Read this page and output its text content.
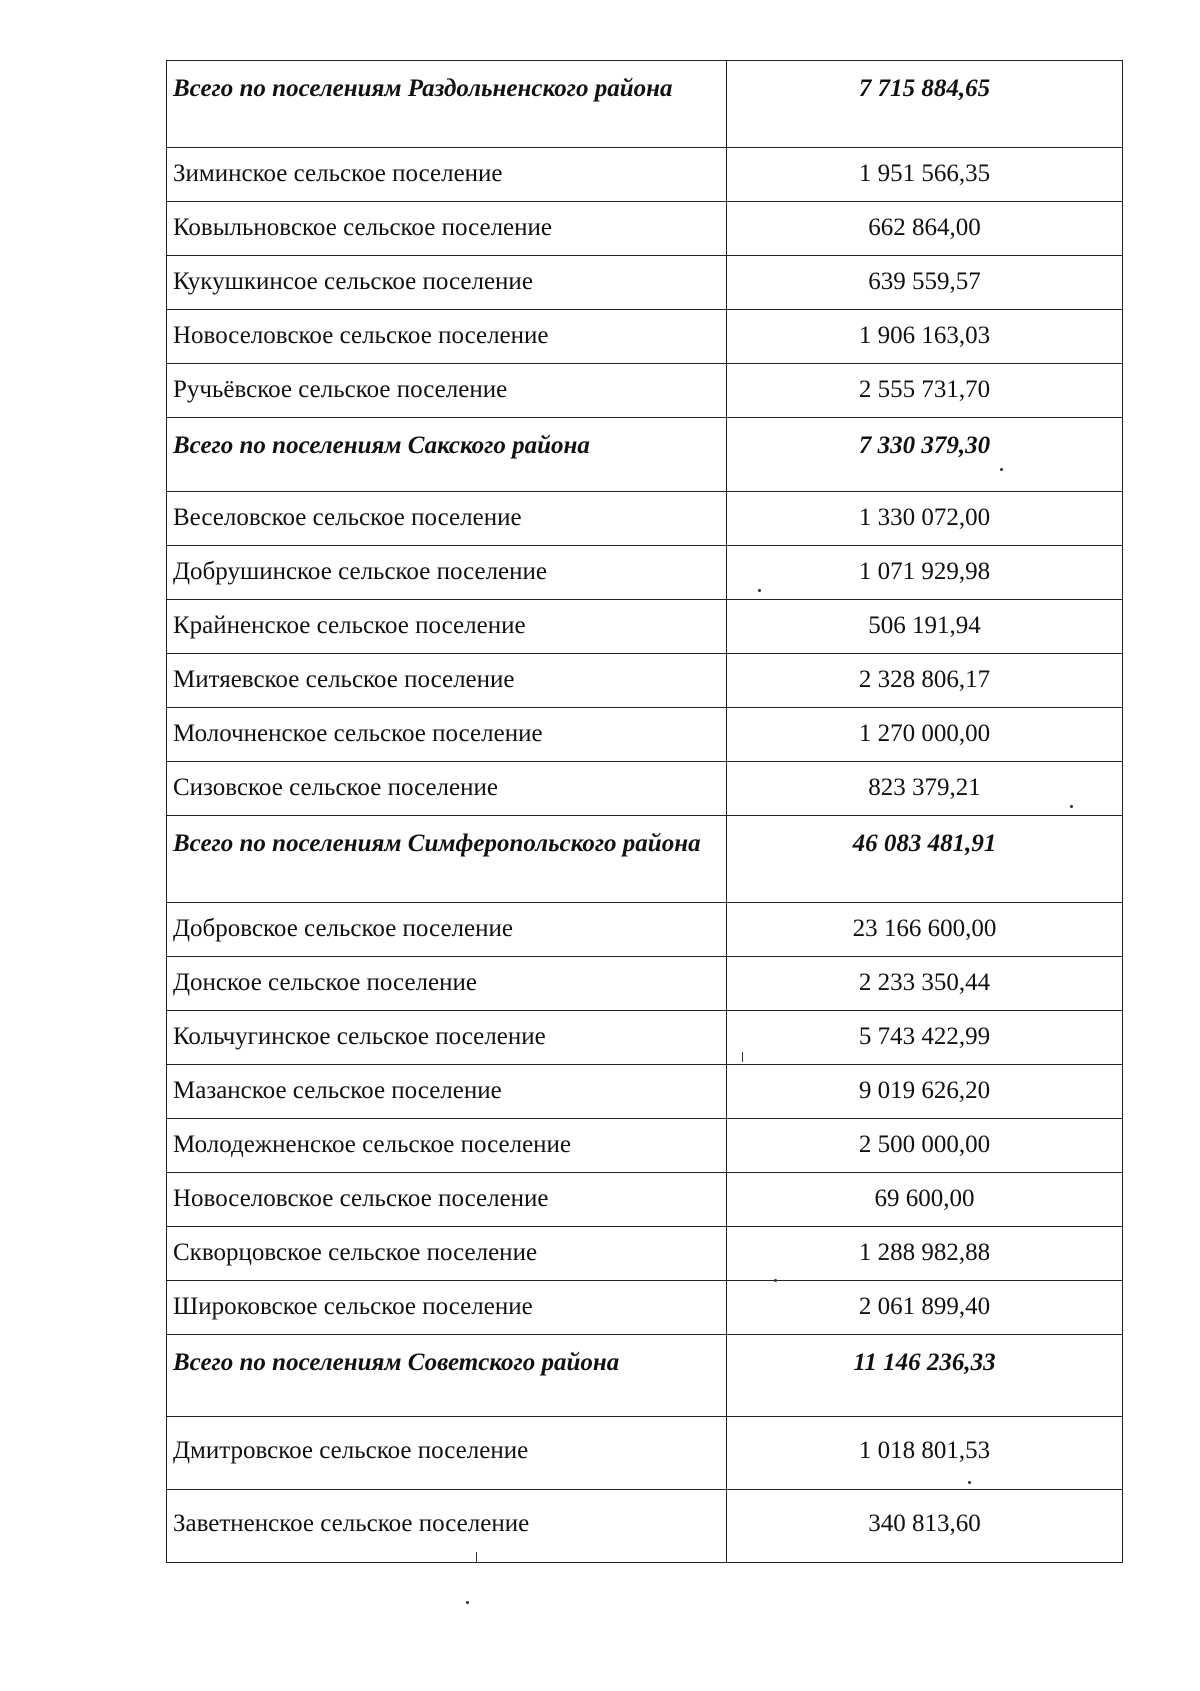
Всего по поселениям Раздольненского района	7 715 884,65
Зиминское сельское поселение	1 951 566,35
Ковыльновское сельское поселение	662 864,00
Кукушкинсое сельское поселение	639 559,57
Новоселовское сельское поселение	1 906 163,03
Ручьёвское сельское поселение	2 555 731,70
Всего по поселениям Сакского района	7 330 379,30
Веселовское сельское поселение	1 330 072,00
Добрушинское сельское поселение	1 071 929,98
Крайненское сельское поселение	506 191,94
Митяевское сельское поселение	2 328 806,17
Молочненское сельское поселение	1 270 000,00
Сизовское сельское поселение	823 379,21
Всего по поселениям Симферопольского района	46 083 481,91
Добровское сельское поселение	23 166 600,00
Донское сельское поселение	2 233 350,44
Кольчугинское сельское поселение	5 743 422,99
Мазанское сельское поселение	9 019 626,20
Молодежненское сельское поселение	2 500 000,00
Новоселовское сельское поселение	69 600,00
Скворцовское сельское поселение	1 288 982,88
Широковское сельское поселение	2 061 899,40
Всего по поселениям Советского района	11 146 236,33
Дмитровское сельское поселение	1 018 801,53
Заветненское сельское поселение	340 813,60
